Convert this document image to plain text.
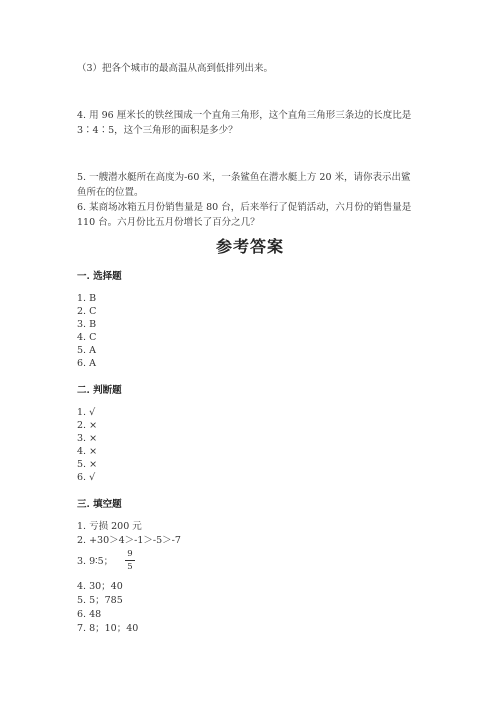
（3）把各个城市的最高温从高到低排列出来。
4. 用 96 厘米长的铁丝围成一个直角三角形，这个直角三角形三条边的长度比是
3∶4∶5，这个三角形的面积是多少？
5. 一艘潜水艇所在高度为-60 米，一条鲨鱼在潜水艇上方 20 米，请你表示出鲨
鱼所在的位置。
6. 某商场冰箱五月份销售量是 80 台，后来举行了促销活动，六月份的销售量是
110 台。六月份比五月份增长了百分之几？
参考答案
一. 选择题
1. B
2. C
3. B
4. C
5. A
6. A
二. 判断题
1. √
2. ×
3. ×
4. ×
5. ×
6. √
三. 填空题
1. 亏损 200 元
2. +30＞4＞-1＞-5＞-7
3. 9∶5；
9
5
4. 30；40
5. 5；785
6. 48
7. 8；10；40
